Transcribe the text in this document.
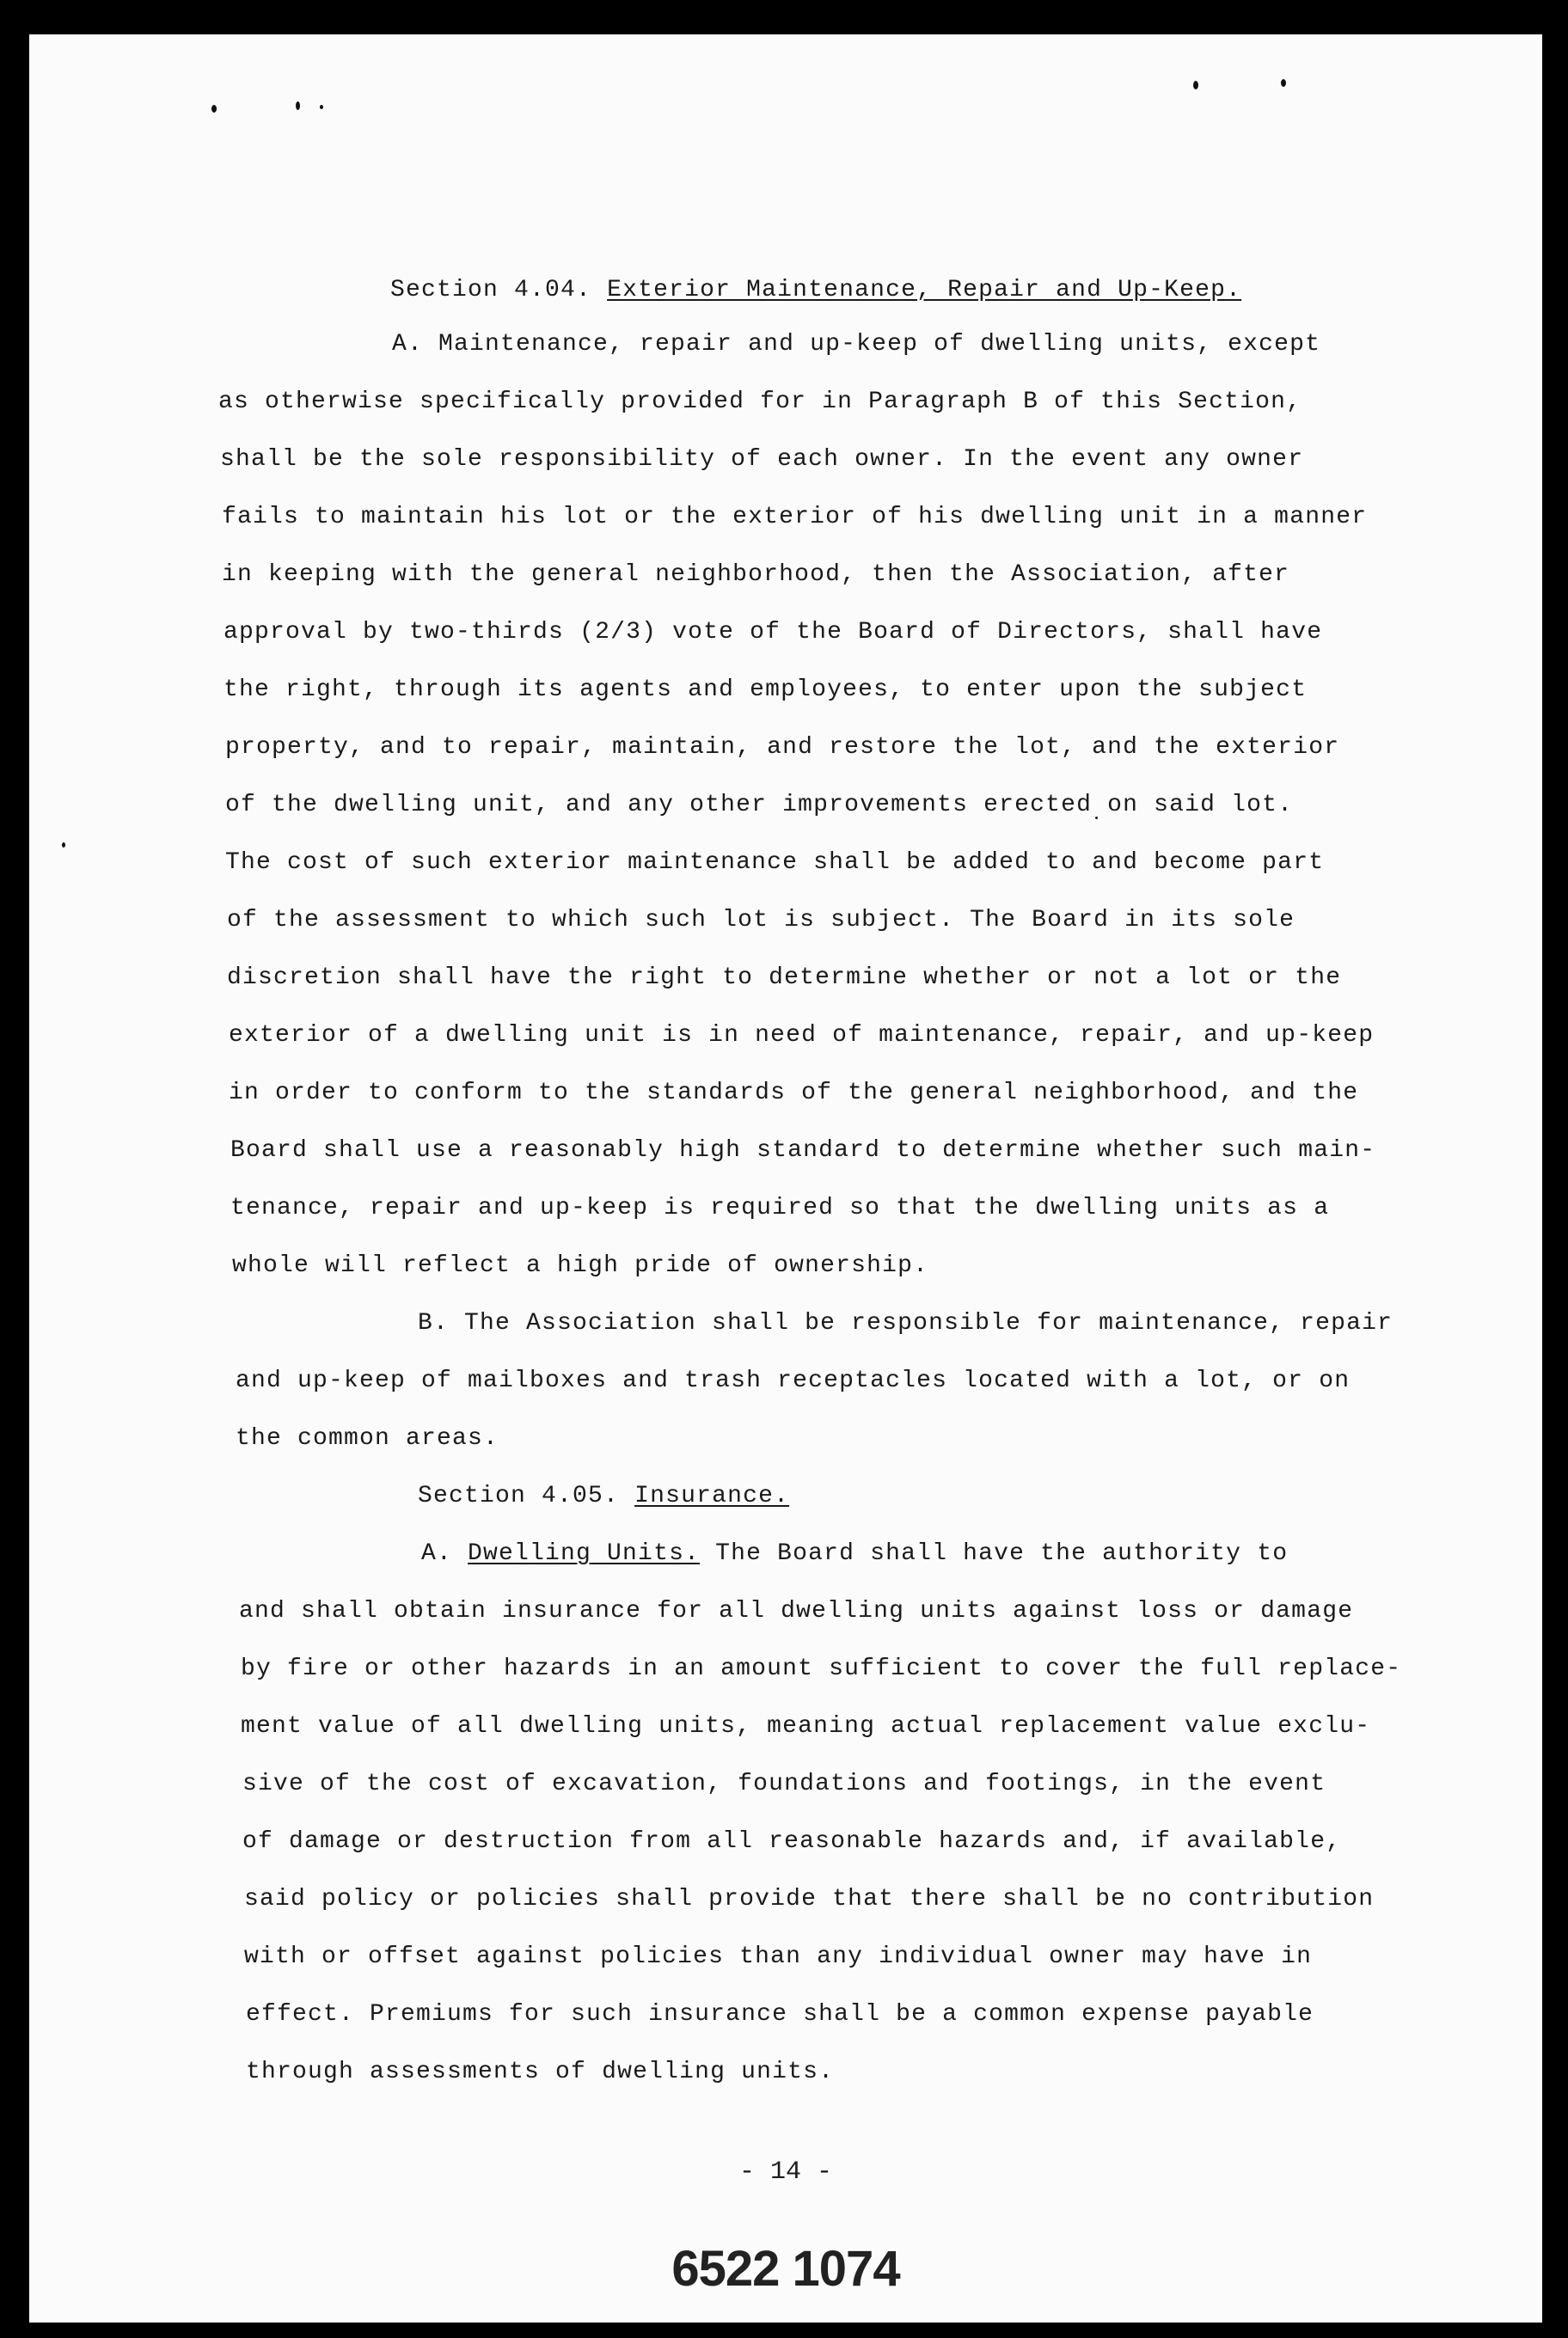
Section 4.04. Exterior Maintenance, Repair and Up-Keep.
A. Maintenance, repair and up-keep of dwelling units, except
as otherwise specifically provided for in Paragraph B of this Section,
shall be the sole responsibility of each owner. In the event any owner
fails to maintain his lot or the exterior of his dwelling unit in a manner
in keeping with the general neighborhood, then the Association, after
approval by two-thirds (2/3) vote of the Board of Directors, shall have
the right, through its agents and employees, to enter upon the subject
property, and to repair, maintain, and restore the lot, and the exterior
of the dwelling unit, and any other improvements erected on said lot.
The cost of such exterior maintenance shall be added to and become part
of the assessment to which such lot is subject. The Board in its sole
discretion shall have the right to determine whether or not a lot or the
exterior of a dwelling unit is in need of maintenance, repair, and up-keep
in order to conform to the standards of the general neighborhood, and the
Board shall use a reasonably high standard to determine whether such main-
tenance, repair and up-keep is required so that the dwelling units as a
whole will reflect a high pride of ownership.
B. The Association shall be responsible for maintenance, repair
and up-keep of mailboxes and trash receptacles located with a lot, or on
the common areas.
Section 4.05. Insurance.
A. Dwelling Units. The Board shall have the authority to
and shall obtain insurance for all dwelling units against loss or damage
by fire or other hazards in an amount sufficient to cover the full replace-
ment value of all dwelling units, meaning actual replacement value exclu-
sive of the cost of excavation, foundations and footings, in the event
of damage or destruction from all reasonable hazards and, if available,
said policy or policies shall provide that there shall be no contribution
with or offset against policies than any individual owner may have in
effect. Premiums for such insurance shall be a common expense payable
through assessments of dwelling units.
- 14 -
6522 1074
